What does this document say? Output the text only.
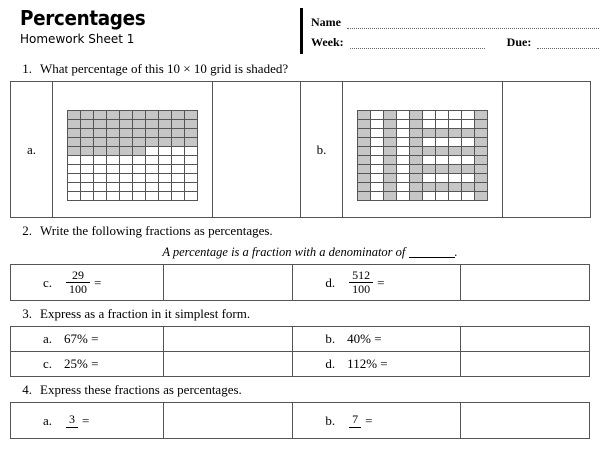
Percentages
Homework Sheet 1
Name
Week:	Due:
1. What percentage of this 10 × 10 grid is shaded?
a.																																																																																													b.	

2. Write the following fractions as percentages.
A percentage is a fraction with a denominator of	.
c.	$\frac{29}{100}$ =		d.	$\frac{512}{100}$ =

3. Express as a fraction in it simplest form.
a. 67% =		b. 40% =	

c. 25% =		d. 112% =	

4. Express these fractions as percentages.
a.	3 =		b.	7 =
